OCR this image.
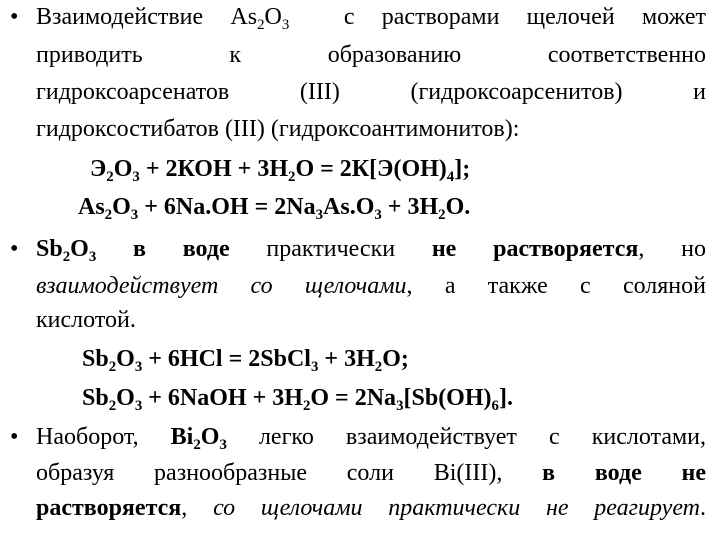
• Взаимодействие $As_2O_3$  с растворами щелочей может
приводить к образованию соответственно
гидроксоарсенатов (III) (гидроксоарсенитов) и
гидроксостибатов (III) (гидроксоантимонитов):
$Э_2О_3 + 2КОН + 3Н_2О = 2К[Э(ОН)_4]$;
$As_2O_3 + 6Na.OH = 2Na_3As.O_3 + 3H_2O$.
• $Sb_2O_3$ в воде практически не растворяется, но
взаимодействует со щелочами, а также с соляной
кислотой.
$Sb_2O_3 + 6HCl$ = 2SbCl$_3$ + $3H_2O$;
$Sb_2O_3$ + 6NaOH + $3H_2O = 2Na_3[Sb(OH)_6]$.
• Наоборот, $Bi_2O_3$ легко взаимодействует с кислотами,
образуя разнообразные соли Bi(III), в воде не
растворяется, со щелочами практически не реагирует.
